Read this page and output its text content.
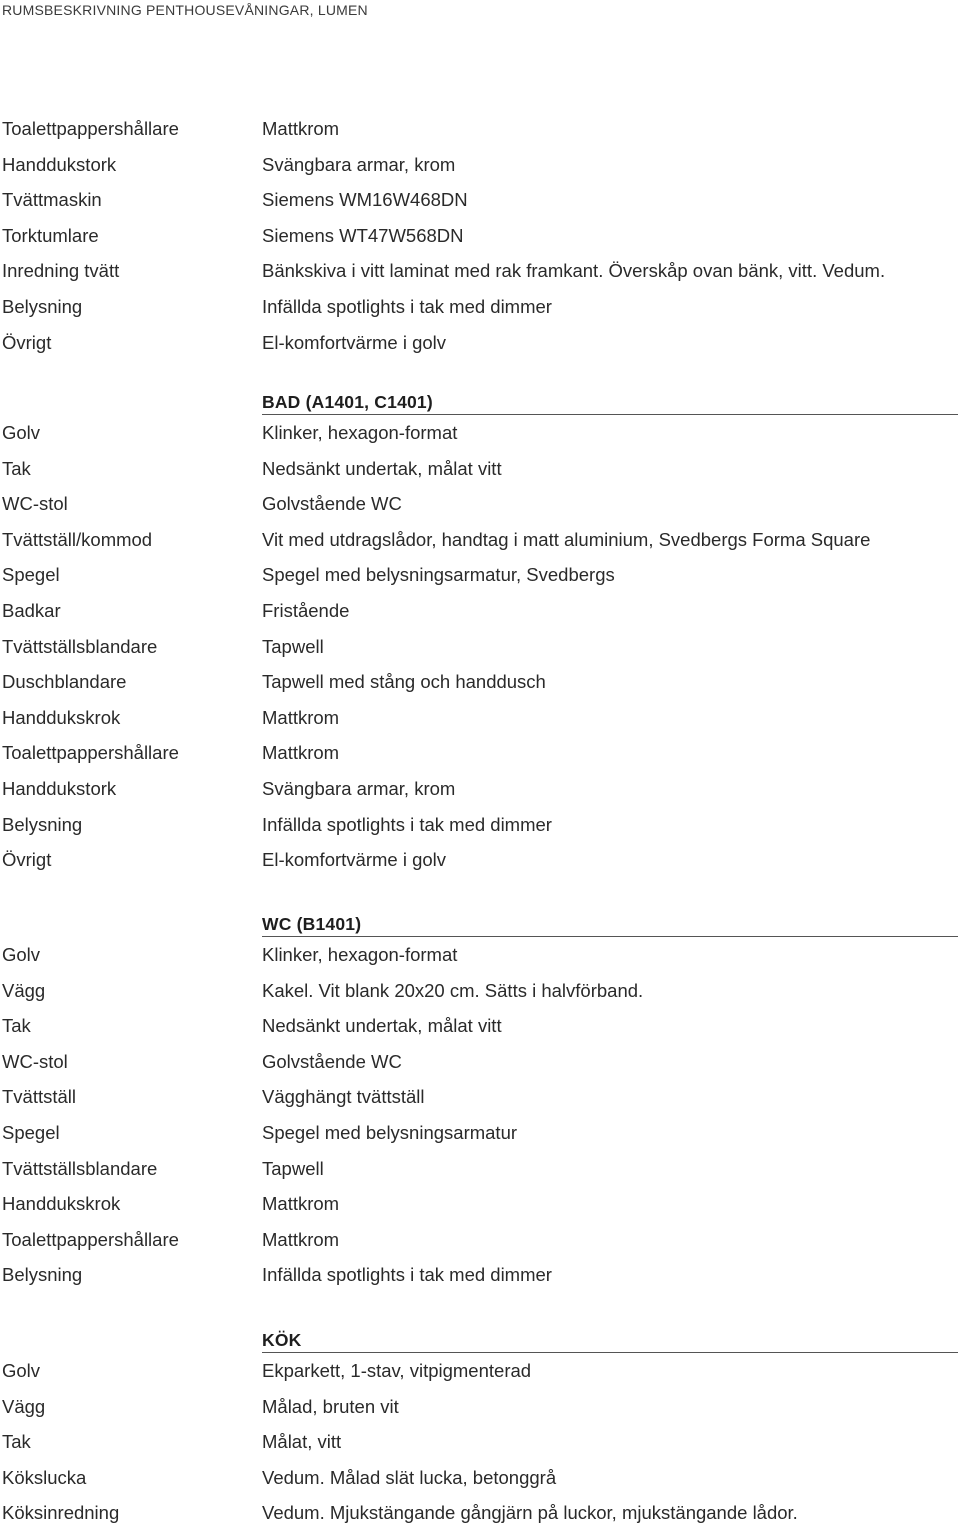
RUMSBESKRIVNING PENTHOUSEVÅNINGAR, LUMEN
Toalettpappershållare	Mattkrom
Handdukstork	Svängbara armar, krom
Tvättmaskin	Siemens WM16W468DN
Torktumlare	Siemens WT47W568DN
Inredning tvätt	Bänkskiva i vitt laminat med rak framkant. Överskåp ovan bänk, vitt. Vedum.
Belysning	Infällda spotlights i tak med dimmer
Övrigt	El-komfortvärme i golv
BAD (A1401, C1401)
Golv	Klinker, hexagon-format
Tak	Nedsänkt undertak, målat vitt
WC-stol	Golvstående WC
Tvättställ/kommod	Vit med utdragslådor, handtag i matt aluminium, Svedbergs Forma Square
Spegel	Spegel med belysningsarmatur, Svedbergs
Badkar	Fristående
Tvättställsblandare	Tapwell
Duschblandare	Tapwell med stång och handdusch
Handdukskrok	Mattkrom
Toalettpappershållare	Mattkrom
Handdukstork	Svängbara armar, krom
Belysning	Infällda spotlights i tak med dimmer
Övrigt	El-komfortvärme i golv
WC (B1401)
Golv	Klinker, hexagon-format
Vägg	Kakel. Vit blank 20x20 cm. Sätts i halvförband.
Tak	Nedsänkt undertak, målat vitt
WC-stol	Golvstående WC
Tvättställ	Vägghängt tvättställ
Spegel	Spegel med belysningsarmatur
Tvättställsblandare	Tapwell
Handdukskrok	Mattkrom
Toalettpappershållare	Mattkrom
Belysning	Infällda spotlights i tak med dimmer
KÖK
Golv	Ekparkett, 1-stav, vitpigmenterad
Vägg	Målad, bruten vit
Tak	Målat, vitt
Kökslucka	Vedum. Målad slät lucka, betonggrå
Köksinredning	Vedum. Mjukstängande gångjärn på luckor, mjukstängande lådor.
